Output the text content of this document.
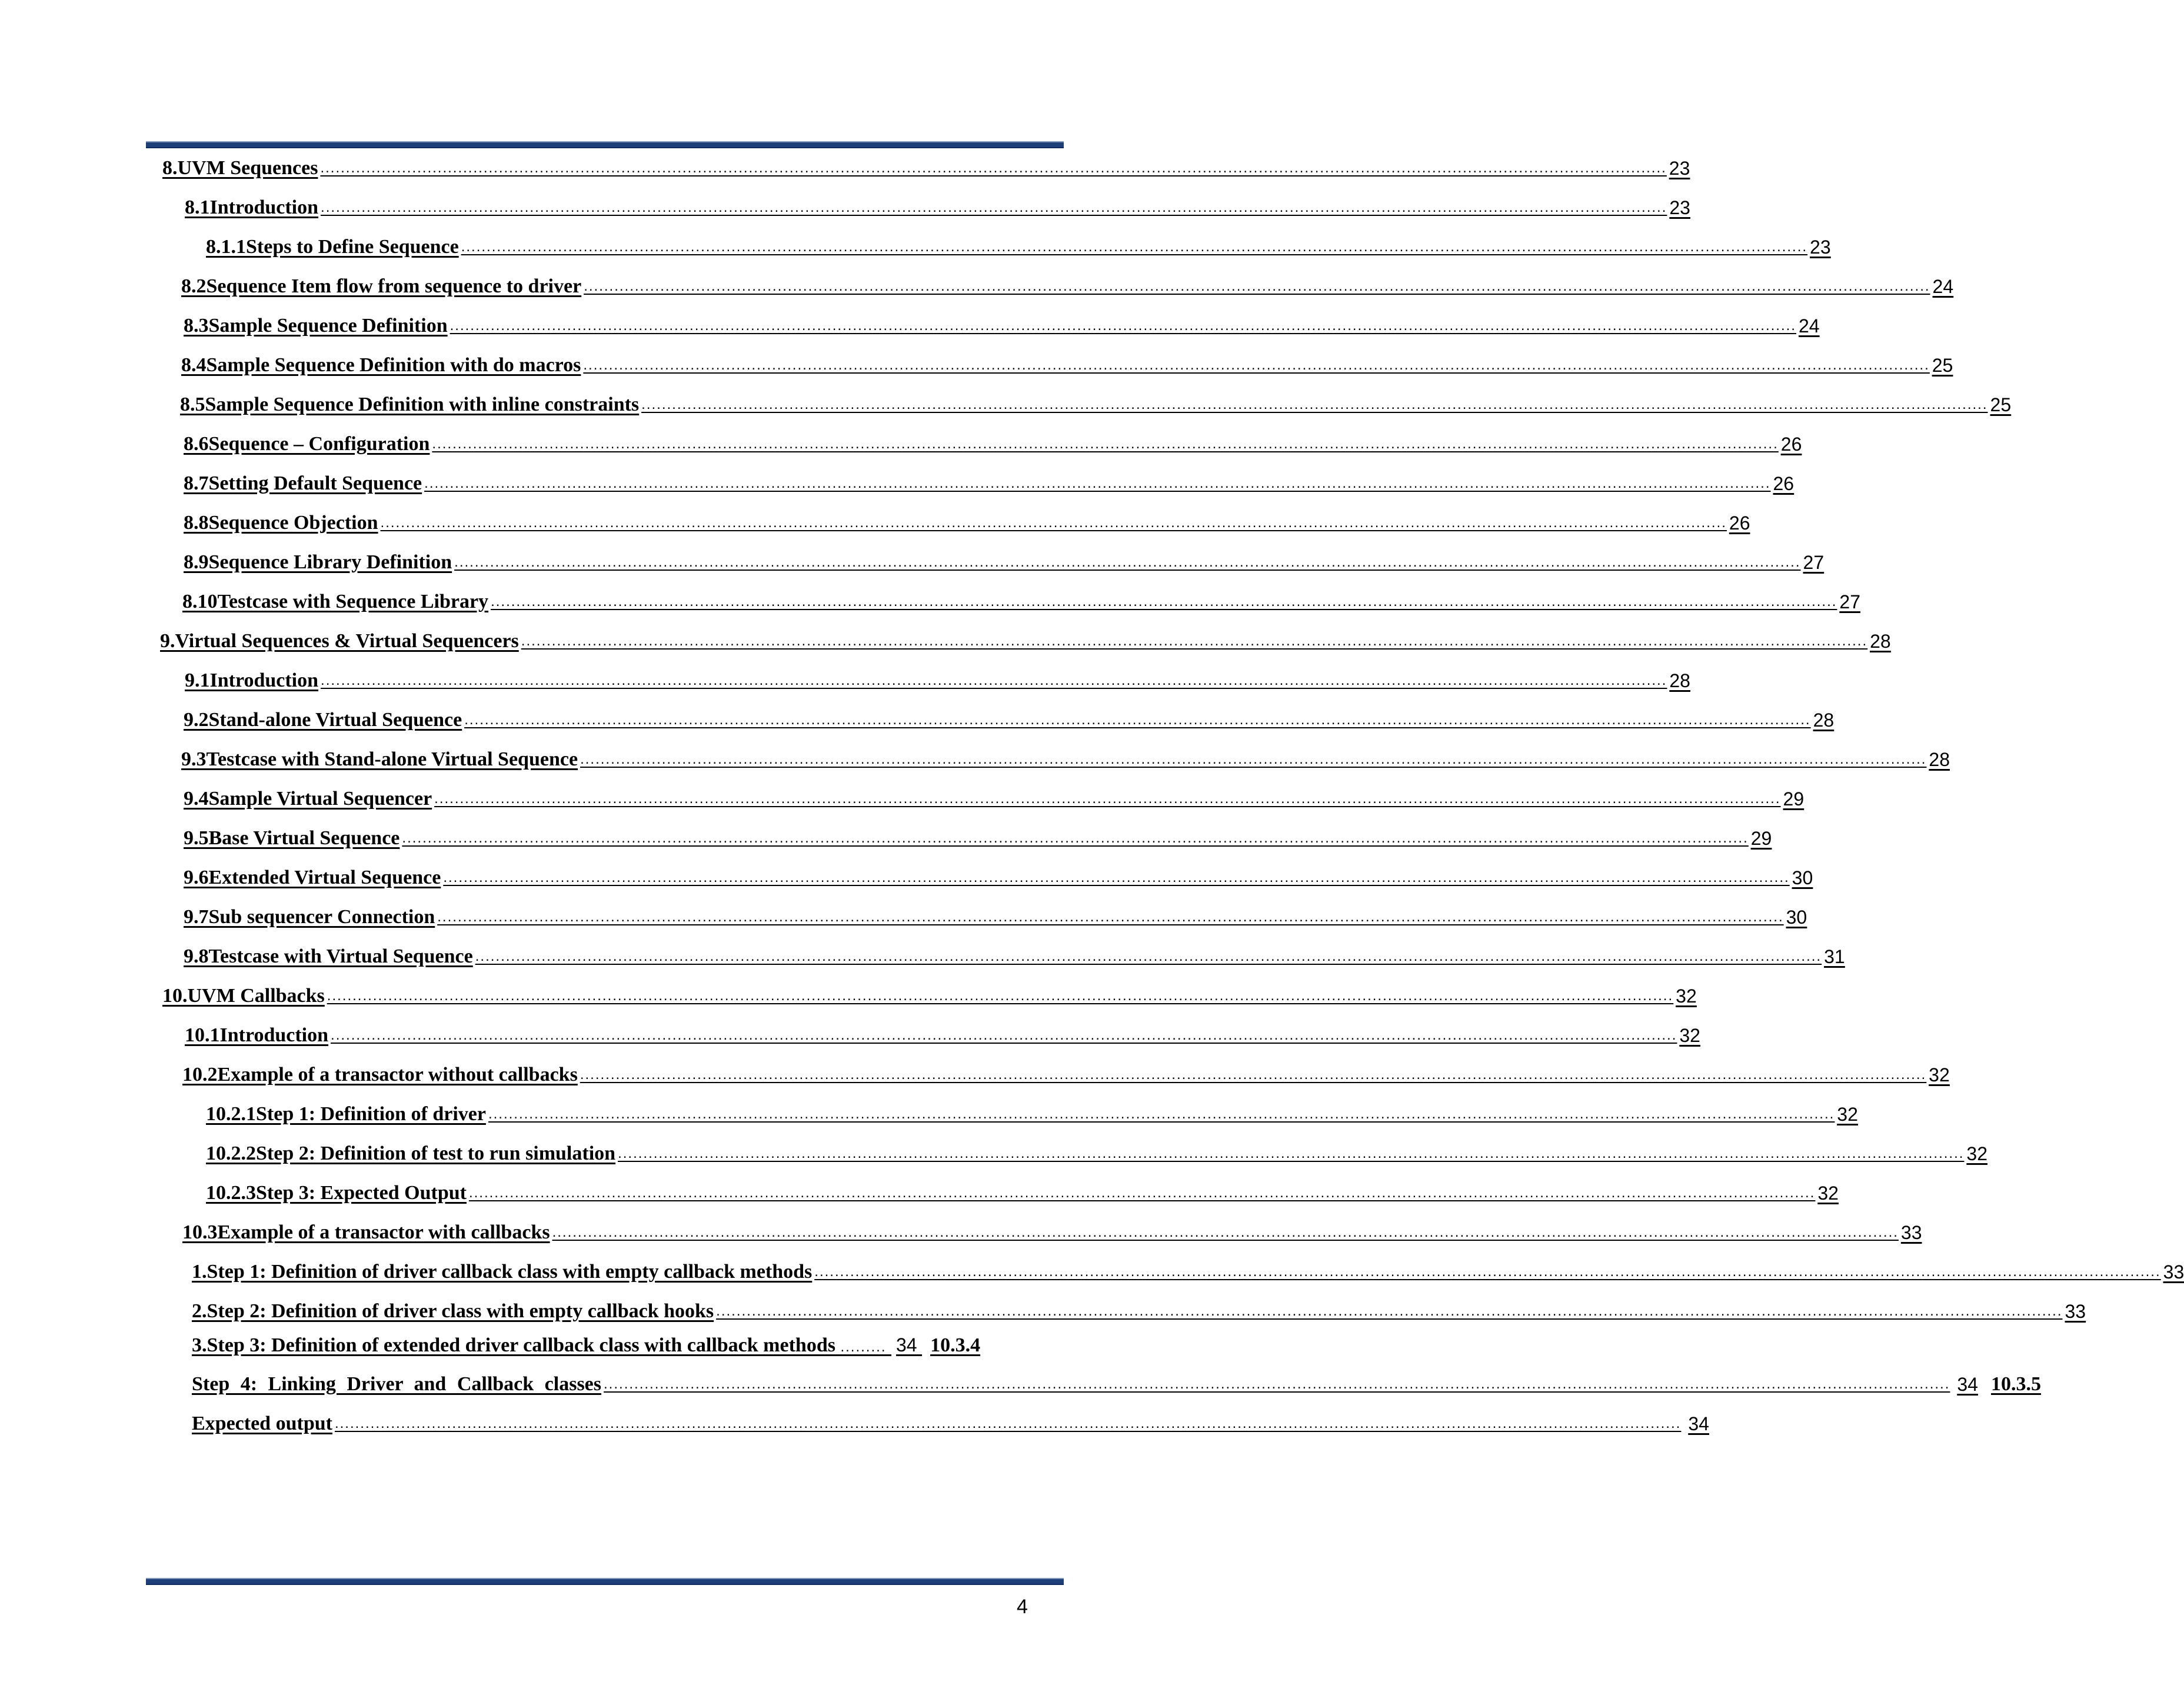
8. UVM Sequences ........................................................................................................................................................................................................................................................................ 23
8.1 Introduction ........................................................................................................................................................................................................................................................................ 23
8.1.1 Steps to Define Sequence ........................................................................................................................................................................................................................................................................ 23
8.2 Sequence Item flow from sequence to driver ........................................................................................................................................................................................................................................................................ 24
8.3 Sample Sequence Definition ........................................................................................................................................................................................................................................................................ 24
8.4 Sample Sequence Definition with do macros ........................................................................................................................................................................................................................................................................ 25
8.5 Sample Sequence Definition with inline constraints ........................................................................................................................................................................................................................................................................ 25
8.6 Sequence – Configuration ........................................................................................................................................................................................................................................................................ 26
8.7 Setting Default Sequence ........................................................................................................................................................................................................................................................................ 26
8.8 Sequence Objection ........................................................................................................................................................................................................................................................................ 26
8.9 Sequence Library Definition ........................................................................................................................................................................................................................................................................ 27
8.10 Testcase with Sequence Library ........................................................................................................................................................................................................................................................................ 27
9. Virtual Sequences & Virtual Sequencers ........................................................................................................................................................................................................................................................................ 28
9.1 Introduction ........................................................................................................................................................................................................................................................................ 28
9.2 Stand-alone Virtual Sequence ........................................................................................................................................................................................................................................................................ 28
9.3 Testcase with Stand-alone Virtual Sequence ........................................................................................................................................................................................................................................................................ 28
9.4 Sample Virtual Sequencer ........................................................................................................................................................................................................................................................................ 29
9.5 Base Virtual Sequence ........................................................................................................................................................................................................................................................................ 29
9.6 Extended Virtual Sequence ........................................................................................................................................................................................................................................................................ 30
9.7 Sub sequencer Connection ........................................................................................................................................................................................................................................................................ 30
9.8 Testcase with Virtual Sequence ........................................................................................................................................................................................................................................................................ 31
10. UVM Callbacks ........................................................................................................................................................................................................................................................................ 32
10.1 Introduction ........................................................................................................................................................................................................................................................................ 32
10.2 Example of a transactor without callbacks ........................................................................................................................................................................................................................................................................ 32
10.2.1 Step 1: Definition of driver ........................................................................................................................................................................................................................................................................ 32
10.2.2 Step 2: Definition of test to run simulation ........................................................................................................................................................................................................................................................................ 32
10.2.3 Step 3: Expected Output ........................................................................................................................................................................................................................................................................ 32
10.3 Example of a transactor with callbacks ........................................................................................................................................................................................................................................................................ 33
1. Step 1: Definition of driver callback class with empty callback methods ........................................................................................................................................................................................................................................................................ 33
2. Step 2: Definition of driver class with empty callback hooks ........................................................................................................................................................................................................................................................................ 33
3.Step 3: Definition of extended driver callback class with callback methods ......... 34 10.3.4
Step 4: Linking Driver and Callback classes ........................................................................................................................................................................................................................................................................ 34 10.3.5
Expected output ........................................................................................................................................................................................................................................................................ 34
4
